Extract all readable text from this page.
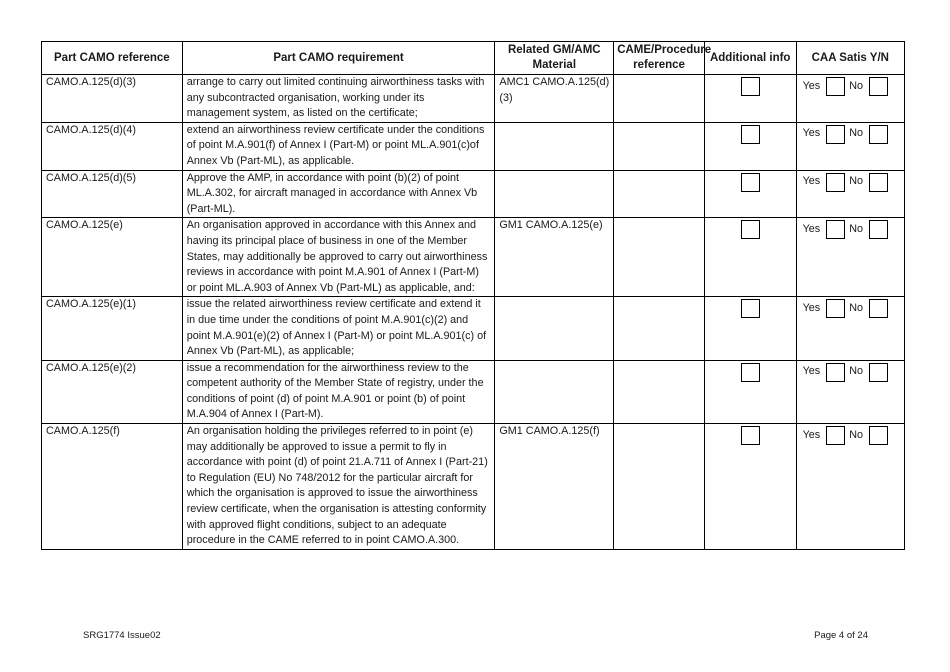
Part CAMO reference	Part CAMO requirement	Related GM/AMC Material	CAME/Procedure reference	Additional info	CAA Satis Y/N
CAMO.A.125(d)(3)	arrange to carry out limited continuing airworthiness tasks with any subcontracted organisation, working under its management system, as listed on the certificate;	AMC1 CAMO.A.125(d)(3)			Yes No

CAMO.A.125(d)(4)	extend an airworthiness review certificate under the conditions of point M.A.901(f) of Annex I (Part-M) or point ML.A.901(c)of Annex Vb (Part-ML), as applicable.				Yes No

CAMO.A.125(d)(5)	Approve the AMP, in accordance with point (b)(2) of point ML.A.302, for aircraft managed in accordance with Annex Vb (Part-ML).				Yes No

CAMO.A.125(e)	An organisation approved in accordance with this Annex and having its principal place of business in one of the Member States, may additionally be approved to carry out airworthiness reviews in accordance with point M.A.901 of Annex I (Part-M) or point ML.A.903 of Annex Vb (Part-ML) as applicable, and:	GM1 CAMO.A.125(e)			Yes No

CAMO.A.125(e)(1)	issue the related airworthiness review certificate and extend it in due time under the conditions of point M.A.901(c)(2) and point M.A.901(e)(2) of Annex I (Part-M) or point ML.A.901(c) of Annex Vb (Part-ML), as applicable;				Yes No

CAMO.A.125(e)(2)	issue a recommendation for the airworthiness review to the competent authority of the Member State of registry, under the conditions of point (d) of point M.A.901 or point (b) of point M.A.904 of Annex I (Part-M).				Yes No

CAMO.A.125(f)	An organisation holding the privileges referred to in point (e) may additionally be approved to issue a permit to fly in accordance with point (d) of point 21.A.711 of Annex I (Part-21) to Regulation (EU) No 748/2012 for the particular aircraft for which the organisation is approved to issue the airworthiness review certificate, when the organisation is attesting conformity with approved flight conditions, subject to an adequate procedure in the CAME referred to in point CAMO.A.300.	GM1 CAMO.A.125(f)			Yes No
SRG1774 Issue02	Page 4 of 24
